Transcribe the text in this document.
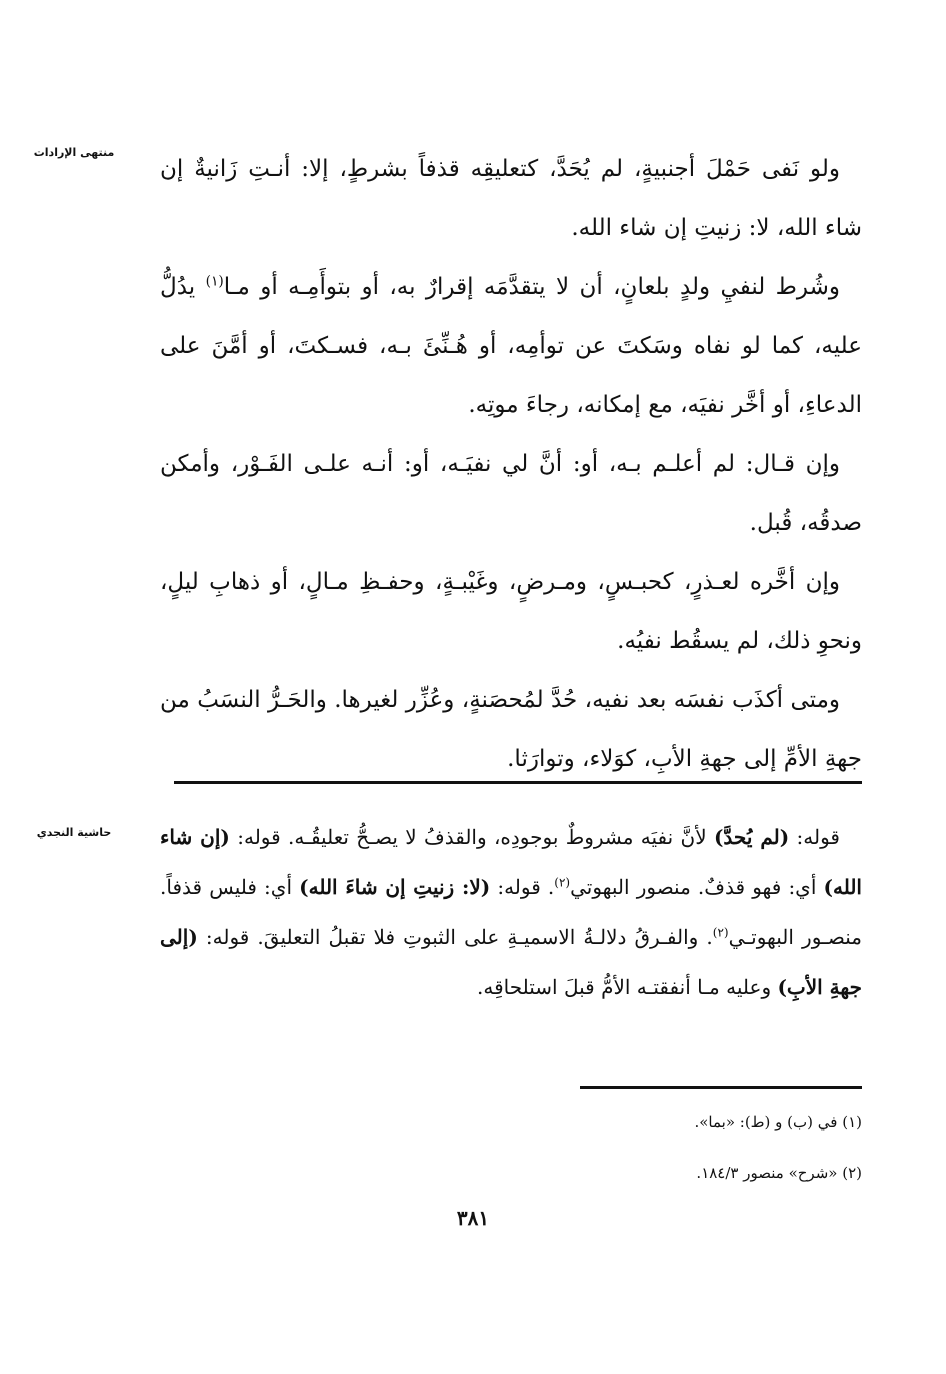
منتهى الإرادات
حاشية النجدي

ولو نَفى حَمْلَ أجنبيةٍ، لم يُحَدَّ، كتعليقِه قذفاً بشرطٍ، إلا: أنـتِ زَانيةٌ إن شاء الله، لا: زنيتِ إن شاء الله.

وشُرط لنفيِ ولدٍ بلعانٍ، أن لا يتقدَّمَه إقرارٌ به، أو بتوأَمِـه أو مـا$^{(١)}$ يدُلُّ عليه، كما لو نفاه وسَكتَ عن توأمِه، أو هُـنِّئَ بـه، فسـكتَ، أو أمَّنَ على الدعاءِ، أو أخَّر نفيَه، مع إمكانه، رجاءَ موتِه.

وإن قـال: لم أعلـم بـه، أو: أنَّ لي نفيَـه، أو: أنـه علـى الفَـوْر، وأمكن صدقُه، قُبل.

وإن أخَّره لعـذرٍ، كحبـسٍ، ومـرضٍ، وغَيْبـةٍ، وحفـظِ مـالٍ، أو ذهابِ ليلٍ، ونحوِ ذلك، لم يسقُط نفيُه.

ومتى أكذَب نفسَه بعد نفيه، حُدَّ لمُحصَنةٍ، وعُزِّر لغيرها. والحَـرُّ النسَبُ من جهةِ الأمِّ إلى جهةِ الأبِ، كوَلاء، وتوارَثا.

قوله: (لم يُحدَّ) لأنَّ نفيَه مشروطٌ بوجودِه، والقذفُ لا يصـحُّ تعليقُـه. قوله: (إن شاء الله) أي: فهو قذفٌ. منصور البهوتي$^{(٢)}$. قوله: (لا: زنيتِ إن شاءَ الله) أي: فليس قذفاً. منصـور البهوتـي$^{(٢)}$. والفـرقُ دلالـةُ الاسميـةِ على الثبوتِ فلا تقبلُ التعليقَ. قوله: (إلى جهةِ الأبِ) وعليه مـا أنفقتـه الأمُّ قبلَ استلحاقِه.

(١) في (ب) و (ط): «بما».
(٢) «شرح» منصور ١٨٤/٣.
٣٨١
